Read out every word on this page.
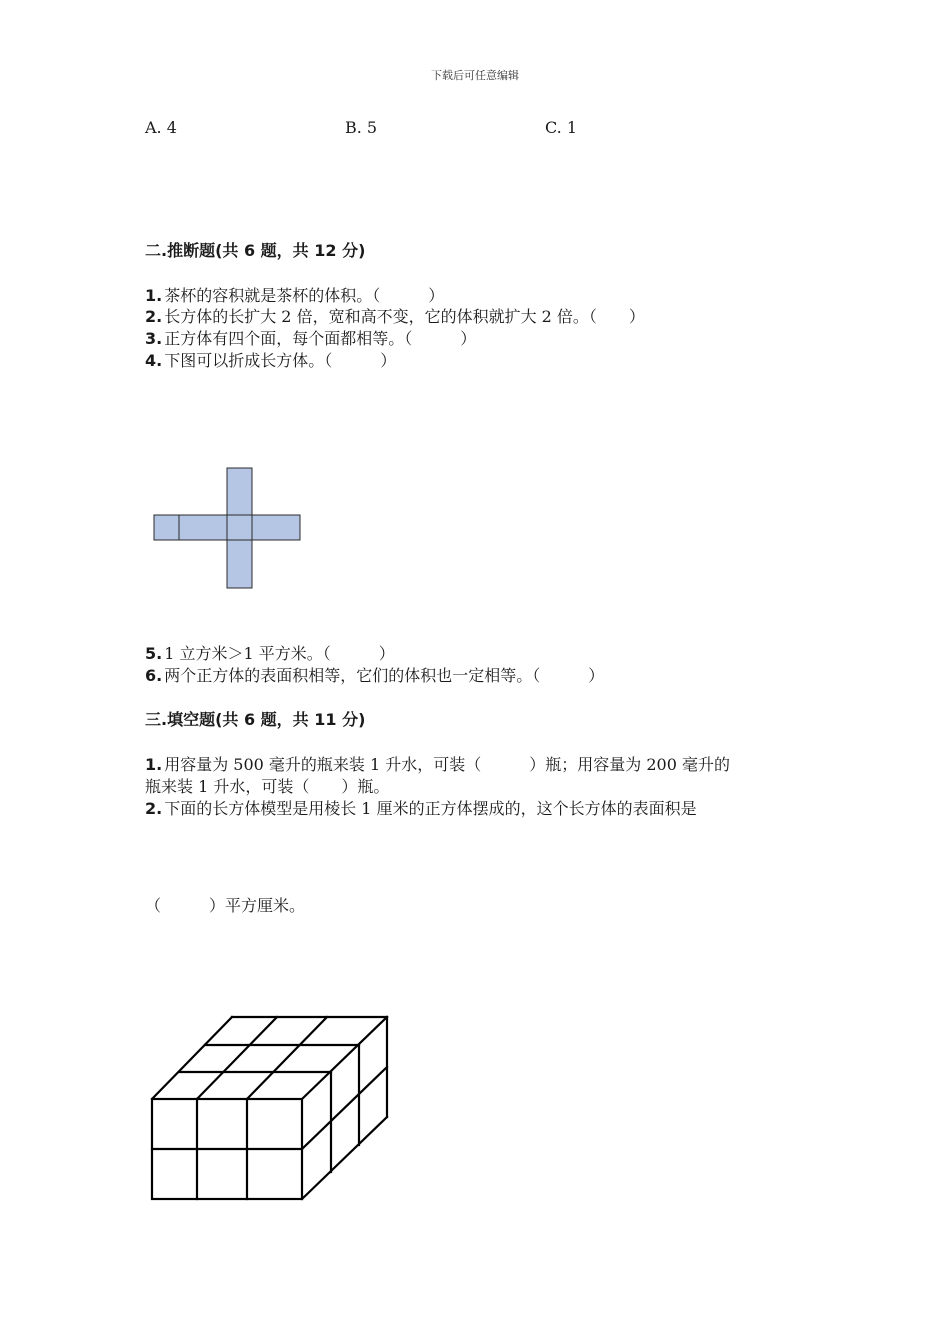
下载后可任意编辑
A. 4	B. 5	C. 1
二.推断题(共 6 题，共 12 分)
1. 茶杯的容积就是茶杯的体积。（　　　）
2. 长方体的长扩大 2 倍，宽和高不变，它的体积就扩大 2 倍。（　　）
3. 正方体有四个面，每个面都相等。（　　　）
4. 下图可以折成长方体。（　　　）
5. 1 立方米＞1 平方米。（　　　）
6. 两个正方体的表面积相等，它们的体积也一定相等。（　　　）
三.填空题(共 6 题，共 11 分)
1. 用容量为 500 毫升的瓶来装 1 升水，可装（　　　）瓶；用容量为 200 毫升的
瓶来装 1 升水，可装（　　）瓶。
2. 下面的长方体模型是用棱长 1 厘米的正方体摆成的，这个长方体的表面积是
（　　　）平方厘米。
